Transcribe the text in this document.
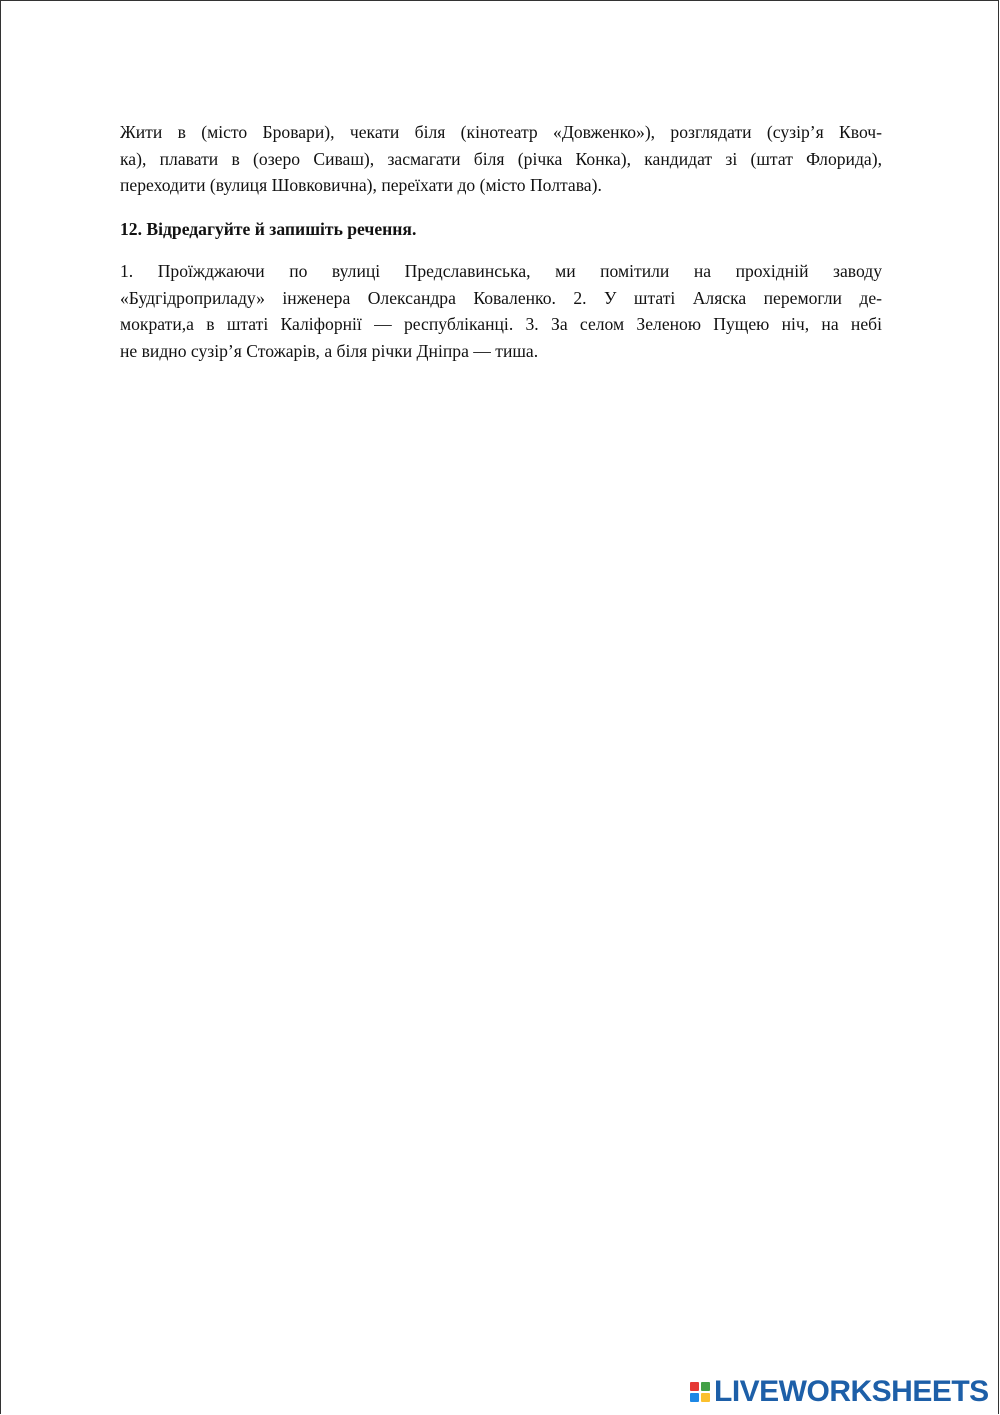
Жити в (місто Бровари), чекати біля (кінотеатр «Довженко»), розглядати (сузір’я Квоч-
ка), плавати в (озеро Сиваш), засмагати біля (річка Конка), кандидат зі (штат Флорида),
переходити (вулиця Шовковична), переїхати до (місто Полтава).

12. Відредагуйте й запишіть речення.

1. Проїжджаючи по вулиці Предславинська, ми помітили на прохідній заводу
«Будгідроприладу» інженера Олександра Коваленко. 2. У штаті Аляска перемогли де-
мократи,а в штаті Каліфорнії — республіканці. 3. За селом Зеленою Пущею ніч, на небі
не видно сузір’я Стожарів, а біля річки Дніпра — тиша.

LIVEWORKSHEETS
